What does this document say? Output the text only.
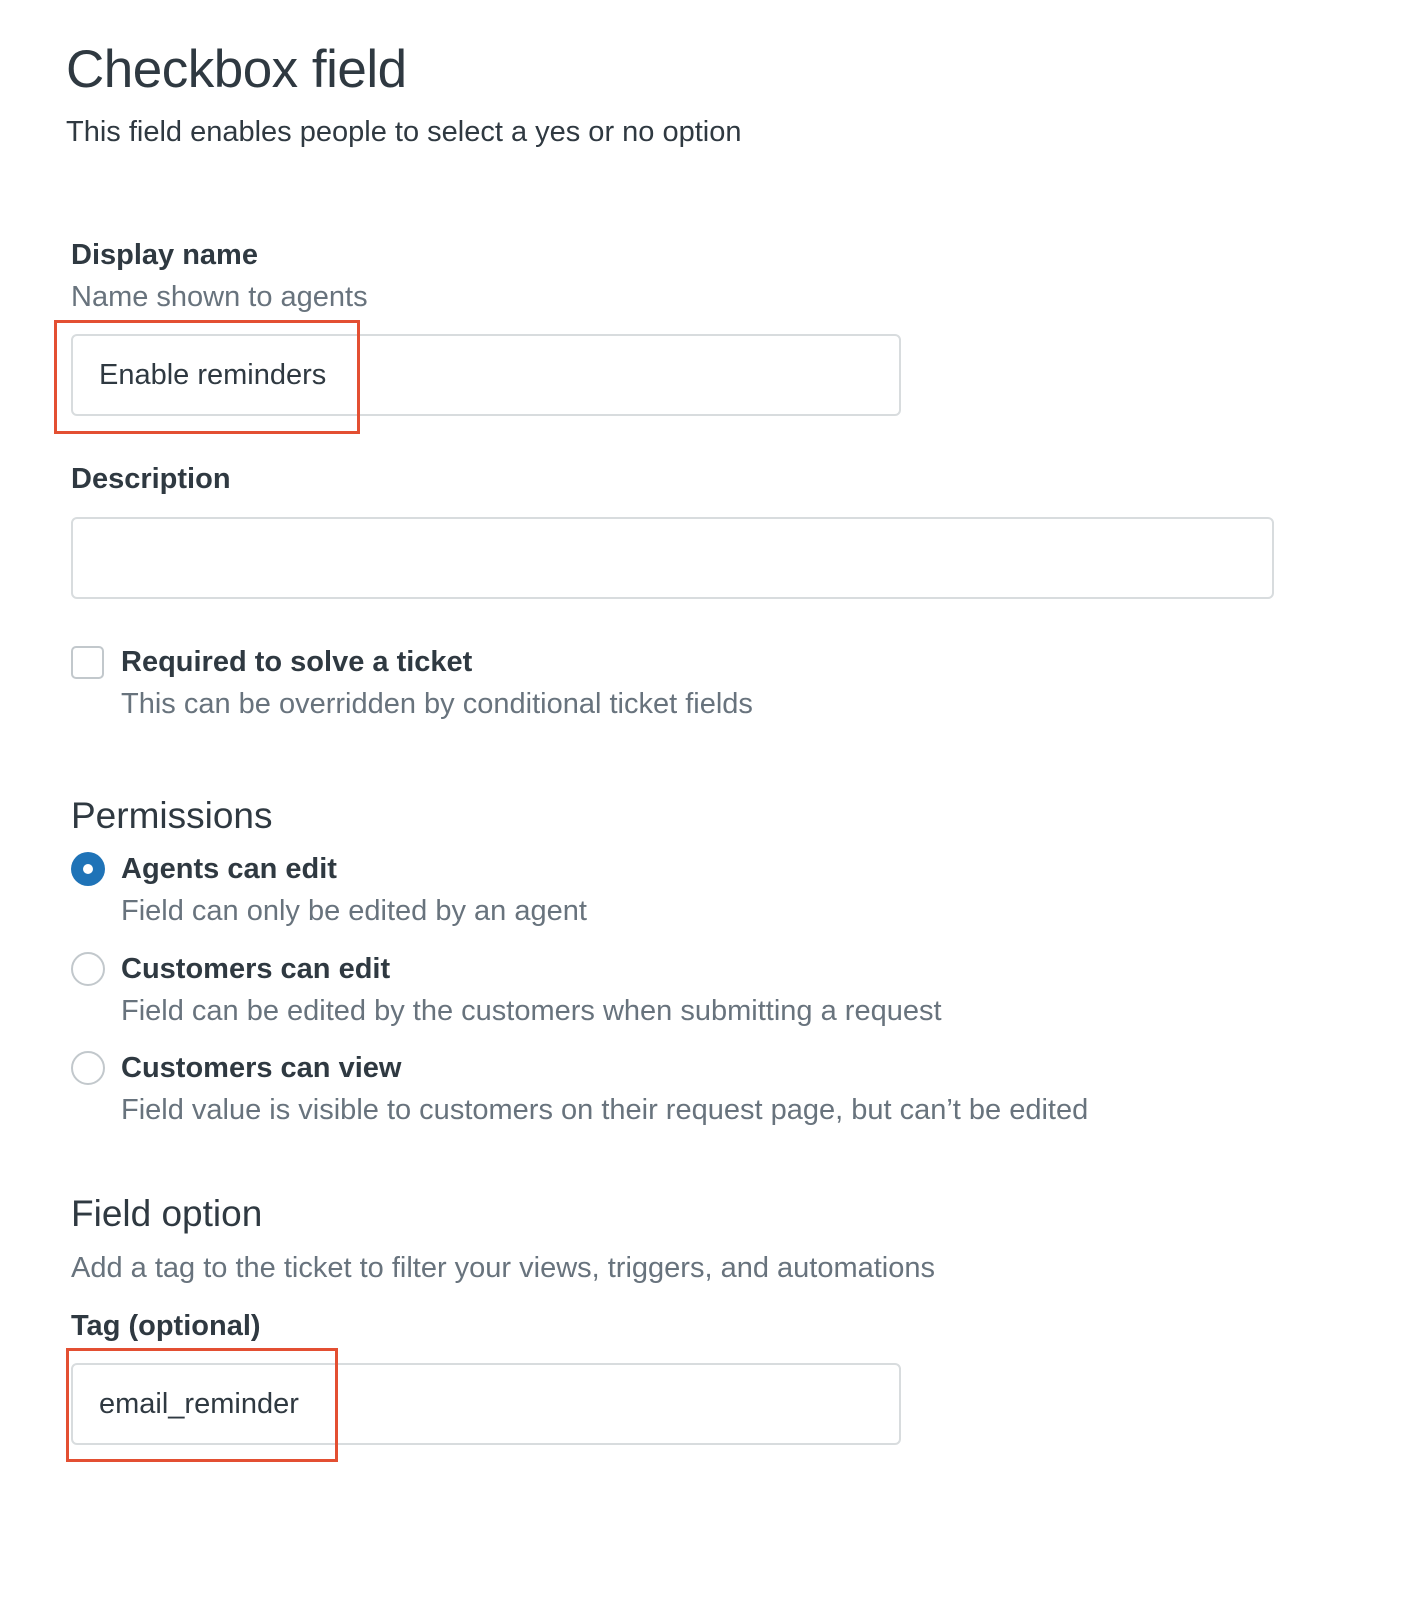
Checkbox field
This field enables people to select a yes or no option
Display name
Name shown to agents
Enable reminders
Description
Required to solve a ticket
This can be overridden by conditional ticket fields
Permissions
Agents can edit
Field can only be edited by an agent
Customers can edit
Field can be edited by the customers when submitting a request
Customers can view
Field value is visible to customers on their request page, but can’t be edited
Field option
Add a tag to the ticket to filter your views, triggers, and automations
Tag (optional)
email_reminder
